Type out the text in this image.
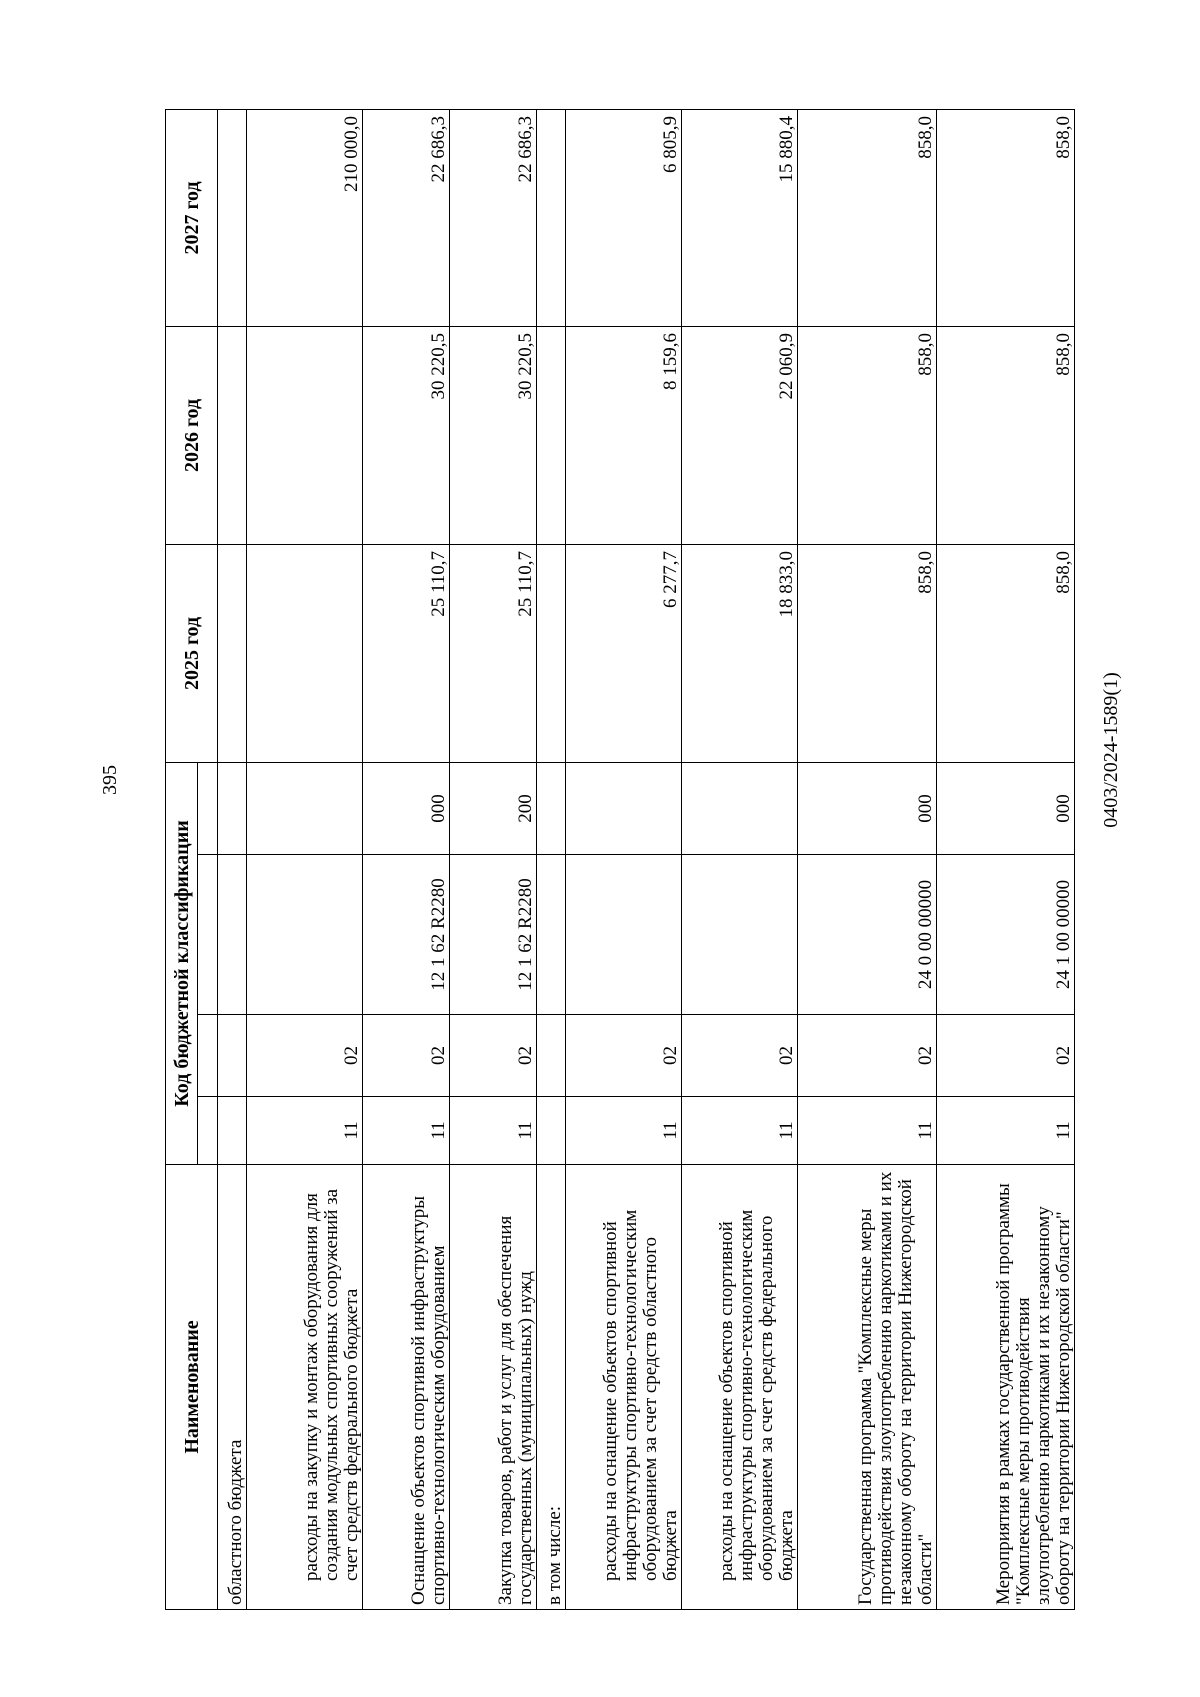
395
Наименование	Код бюджетной классификации				2025 год	2026 год	2027 год

областного бюджета							

расходы на закупку и монтаж оборудования для создания модульных спортивных сооружений за счет средств федерального бюджета	11	02					210 000,0
Оснащение объектов спортивной инфраструктуры спортивно-технологическим оборудованием	11	02	12 1 62 R2280	000	25 110,7	30 220,5	22 686,3
Закупка товаров, работ и услуг для обеспечения государственных (муниципальных) нужд	11	02	12 1 62 R2280	200	25 110,7	30 220,5	22 686,3
в том числе:							

расходы на оснащение объектов спортивной инфраструктуры спортивно-технологическим оборудованием за счет средств областного бюджета	11	02			6 277,7	8 159,6	6 805,9

расходы на оснащение объектов спортивной инфраструктуры спортивно-технологическим оборудованием за счет средств федерального бюджета	11	02			18 833,0	22 060,9	15 880,4
Государственная программа "Комплексные меры противодействия злоупотреблению наркотиками и их незаконному обороту на территории Нижегородской области"	11	02	24 0 00 00000	000	858,0	858,0	858,0
Мероприятия в рамках государственной программы "Комплексные меры противодействия злоупотреблению наркотиками и их незаконному обороту на территории Нижегородской области"	11	02	24 1 00 00000	000	858,0	858,0	858,0
0403/2024-1589(1)
